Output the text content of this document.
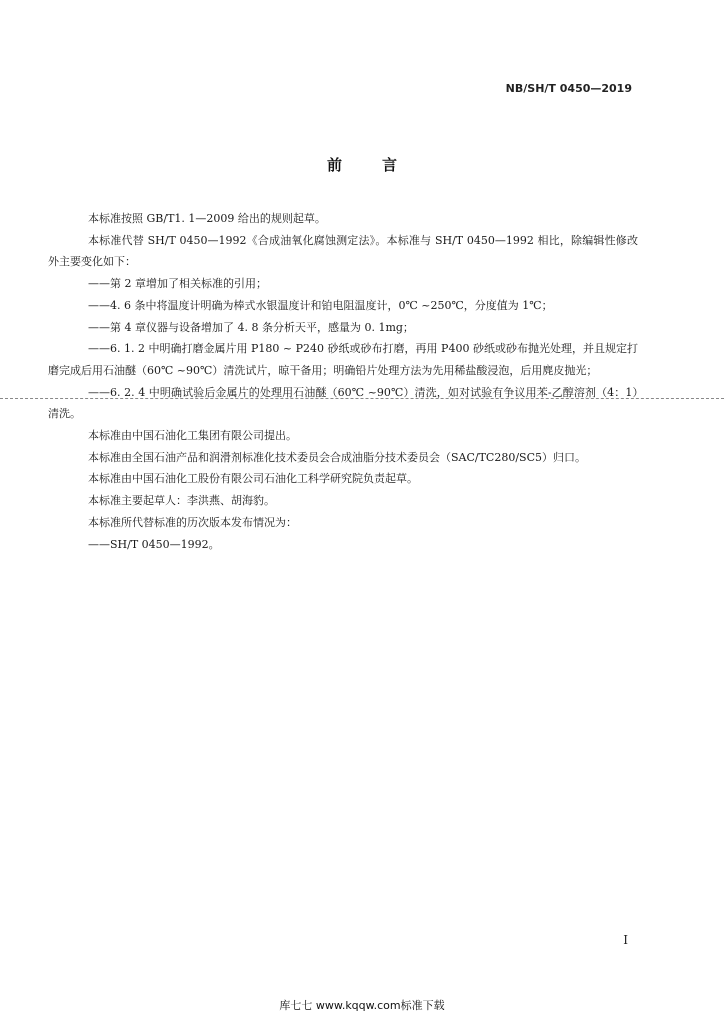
NB/SH/T 0450—2019
前	言

本标准按照 GB/T1. 1—2009 给出的规则起草。

本标准代替 SH/T 0450—1992《合成油氧化腐蚀测定法》。本标准与 SH/T 0450—1992 相比，除编辑性修改外主要变化如下：

——第 2 章增加了相关标准的引用；

——4. 6 条中将温度计明确为棒式水银温度计和铂电阻温度计，0℃ ~250℃，分度值为 1℃；

——第 4 章仪器与设备增加了 4. 8 条分析天平，感量为 0. 1mg；

——6. 1. 2 中明确打磨金属片用 P180 ~ P240 砂纸或砂布打磨，再用 P400 砂纸或砂布抛光处理，并且规定打磨完成后用石油醚（60℃ ~90℃）清洗试片，晾干备用；明确铅片处理方法为先用稀盐酸浸泡，后用麂皮抛光；

——6. 2. 4 中明确试验后金属片的处理用石油醚（60℃ ~90℃）清洗，如对试验有争议用苯-乙醇溶剂（4：1）清洗。

本标准由中国石油化工集团有限公司提出。

本标准由全国石油产品和润滑剂标准化技术委员会合成油脂分技术委员会（SAC/TC280/SC5）归口。

本标准由中国石油化工股份有限公司石油化工科学研究院负责起草。

本标准主要起草人：李洪燕、胡海豹。

本标准所代替标准的历次版本发布情况为：

——SH/T 0450—1992。

I
库七七 www.kqqw.com标准下载
